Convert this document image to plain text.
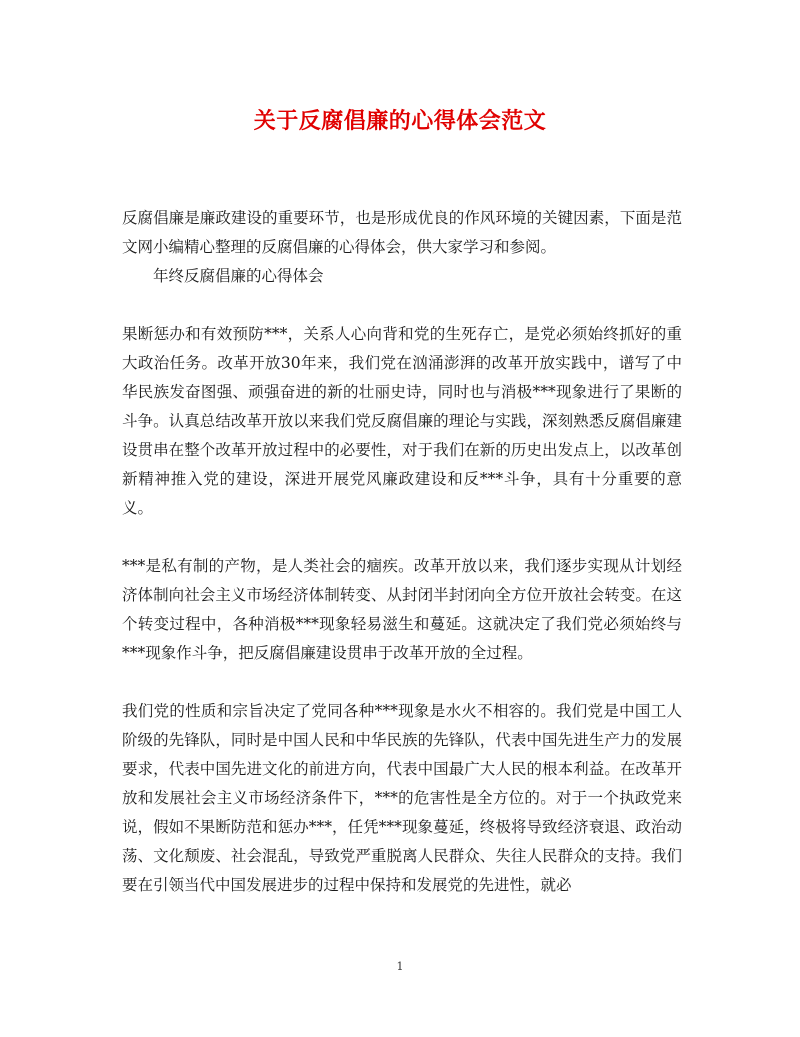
关于反腐倡廉的心得体会范文

反腐倡廉是廉政建设的重要环节，也是形成优良的作风环境的关键因素，下面是范文网小编精心整理的反腐倡廉的心得体会，供大家学习和参阅。

年终反腐倡廉的心得体会

果断惩办和有效预防***，关系人心向背和党的生死存亡，是党必须始终抓好的重大政治任务。改革开放30年来，我们党在汹涌澎湃的改革开放实践中，谱写了中华民族发奋图强、顽强奋进的新的壮丽史诗，同时也与消极***现象进行了果断的斗争。认真总结改革开放以来我们党反腐倡廉的理论与实践，深刻熟悉反腐倡廉建设贯串在整个改革开放过程中的必要性，对于我们在新的历史出发点上，以改革创新精神推入党的建设，深进开展党风廉政建设和反***斗争，具有十分重要的意义。

***是私有制的产物，是人类社会的痼疾。改革开放以来，我们逐步实现从计划经济体制向社会主义市场经济体制转变、从封闭半封闭向全方位开放社会转变。在这个转变过程中，各种消极***现象轻易滋生和蔓延。这就决定了我们党必须始终与***现象作斗争，把反腐倡廉建设贯串于改革开放的全过程。

我们党的性质和宗旨决定了党同各种***现象是水火不相容的。我们党是中国工人阶级的先锋队，同时是中国人民和中华民族的先锋队，代表中国先进生产力的发展要求，代表中国先进文化的前进方向，代表中国最广大人民的根本利益。在改革开放和发展社会主义市场经济条件下，***的危害性是全方位的。对于一个执政党来说，假如不果断防范和惩办***，任凭***现象蔓延，终极将导致经济衰退、政治动荡、文化颓废、社会混乱，导致党严重脱离人民群众、失往人民群众的支持。我们要在引领当代中国发展进步的过程中保持和发展党的先进性，就必

1
